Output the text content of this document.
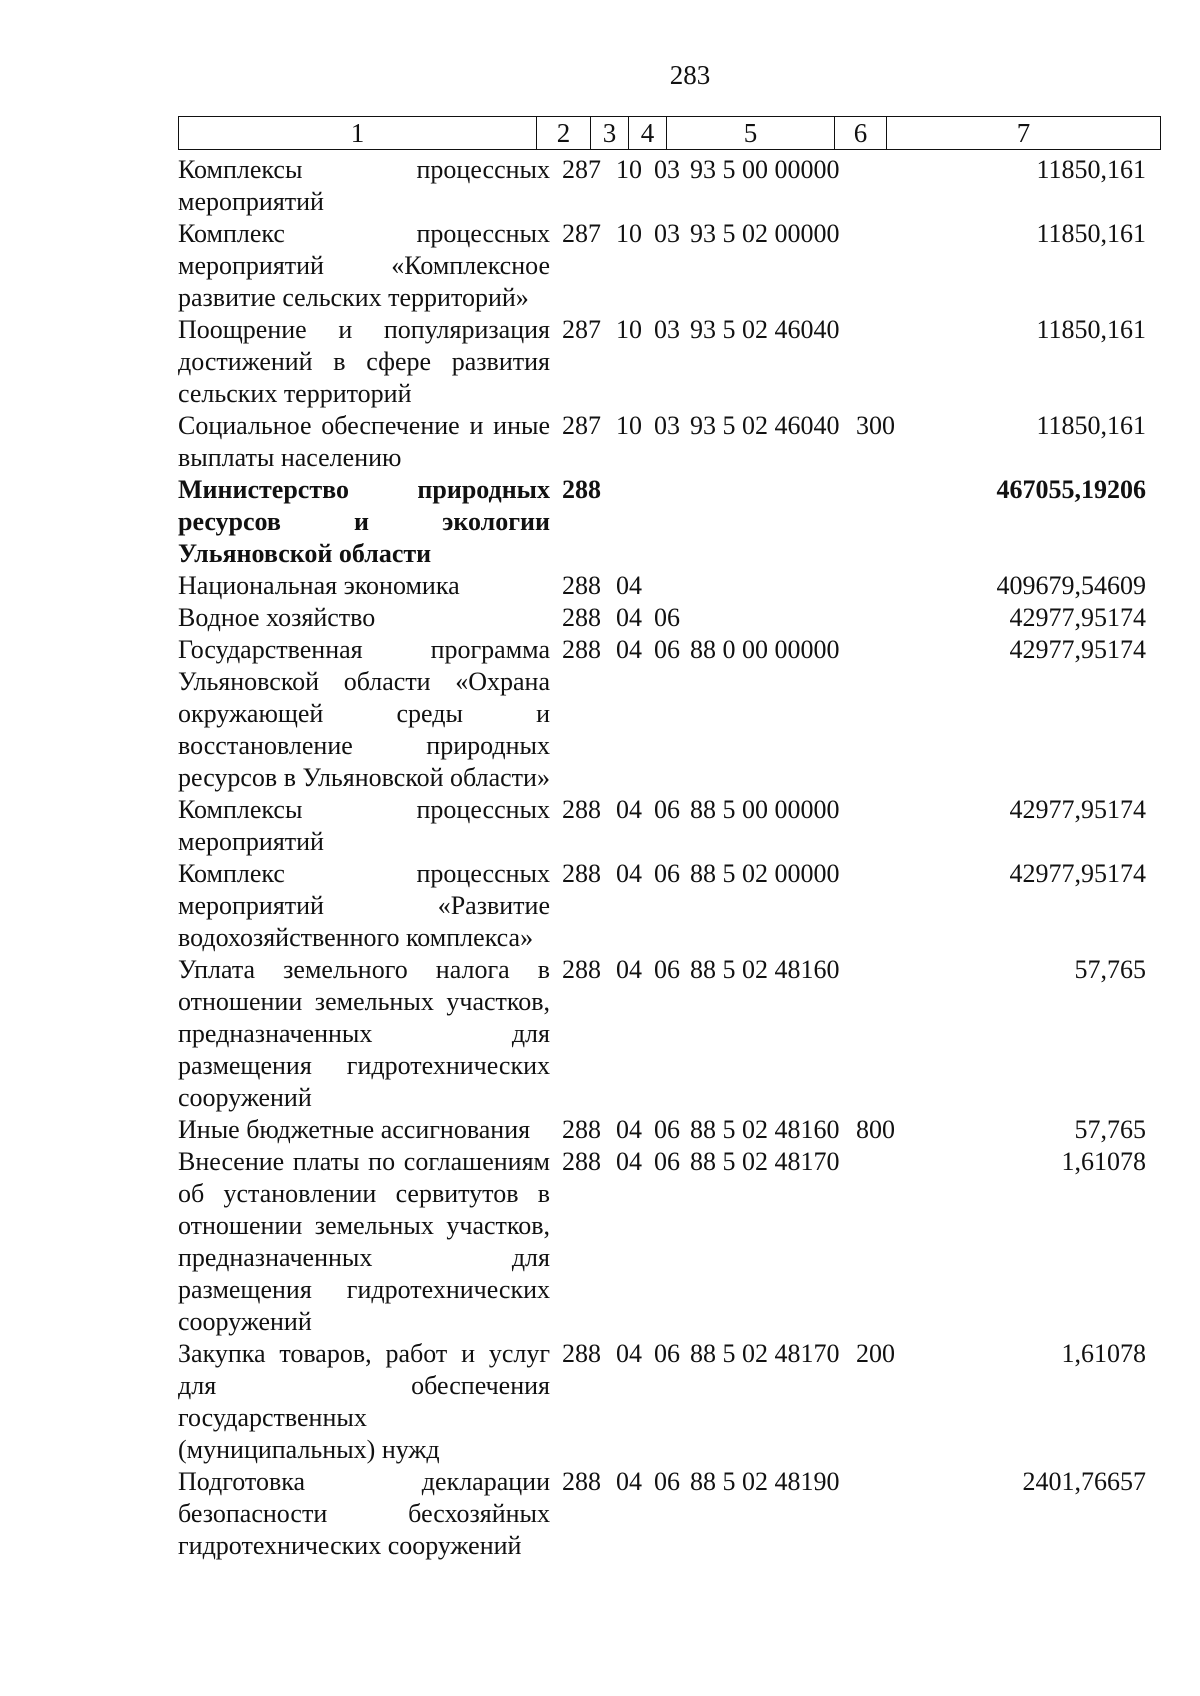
283
1	2	3	4	5	6	7
Комплексы процессных мероприятий	287	10	03	93 5 00 00000		11850,161
Комплекс процессных мероприятий «Комплексное развитие сельских территорий»	287	10	03	93 5 02 00000		11850,161
Поощрение и популяризация достижений в сфере развития сельских территорий	287	10	03	93 5 02 46040		11850,161
Социальное обеспечение и иные выплаты населению	287	10	03	93 5 02 46040	300	11850,161
Министерство природных ресурсов и экологии Ульяновской области	288					467055,19206
Национальная экономика	288	04				409679,54609
Водное хозяйство	288	04	06			42977,95174
Государственная программа Ульяновской области «Охрана окружающей среды и восстановление природных ресурсов в Ульяновской области»	288	04	06	88 0 00 00000		42977,95174
Комплексы процессных мероприятий	288	04	06	88 5 00 00000		42977,95174
Комплекс процессных мероприятий «Развитие водохозяйственного комплекса»	288	04	06	88 5 02 00000		42977,95174
Уплата земельного налога в отношении земельных участков, предназначенных для размещения гидротехнических сооружений	288	04	06	88 5 02 48160		57,765
Иные бюджетные ассигнования	288	04	06	88 5 02 48160	800	57,765
Внесение платы по соглашениям об установлении сервитутов в отношении земельных участков, предназначенных для размещения гидротехнических сооружений	288	04	06	88 5 02 48170		1,61078
Закупка товаров, работ и услуг для обеспечения государственных (муниципальных) нужд	288	04	06	88 5 02 48170	200	1,61078
Подготовка декларации безопасности бесхозяйных гидротехнических сооружений	288	04	06	88 5 02 48190		2401,76657
